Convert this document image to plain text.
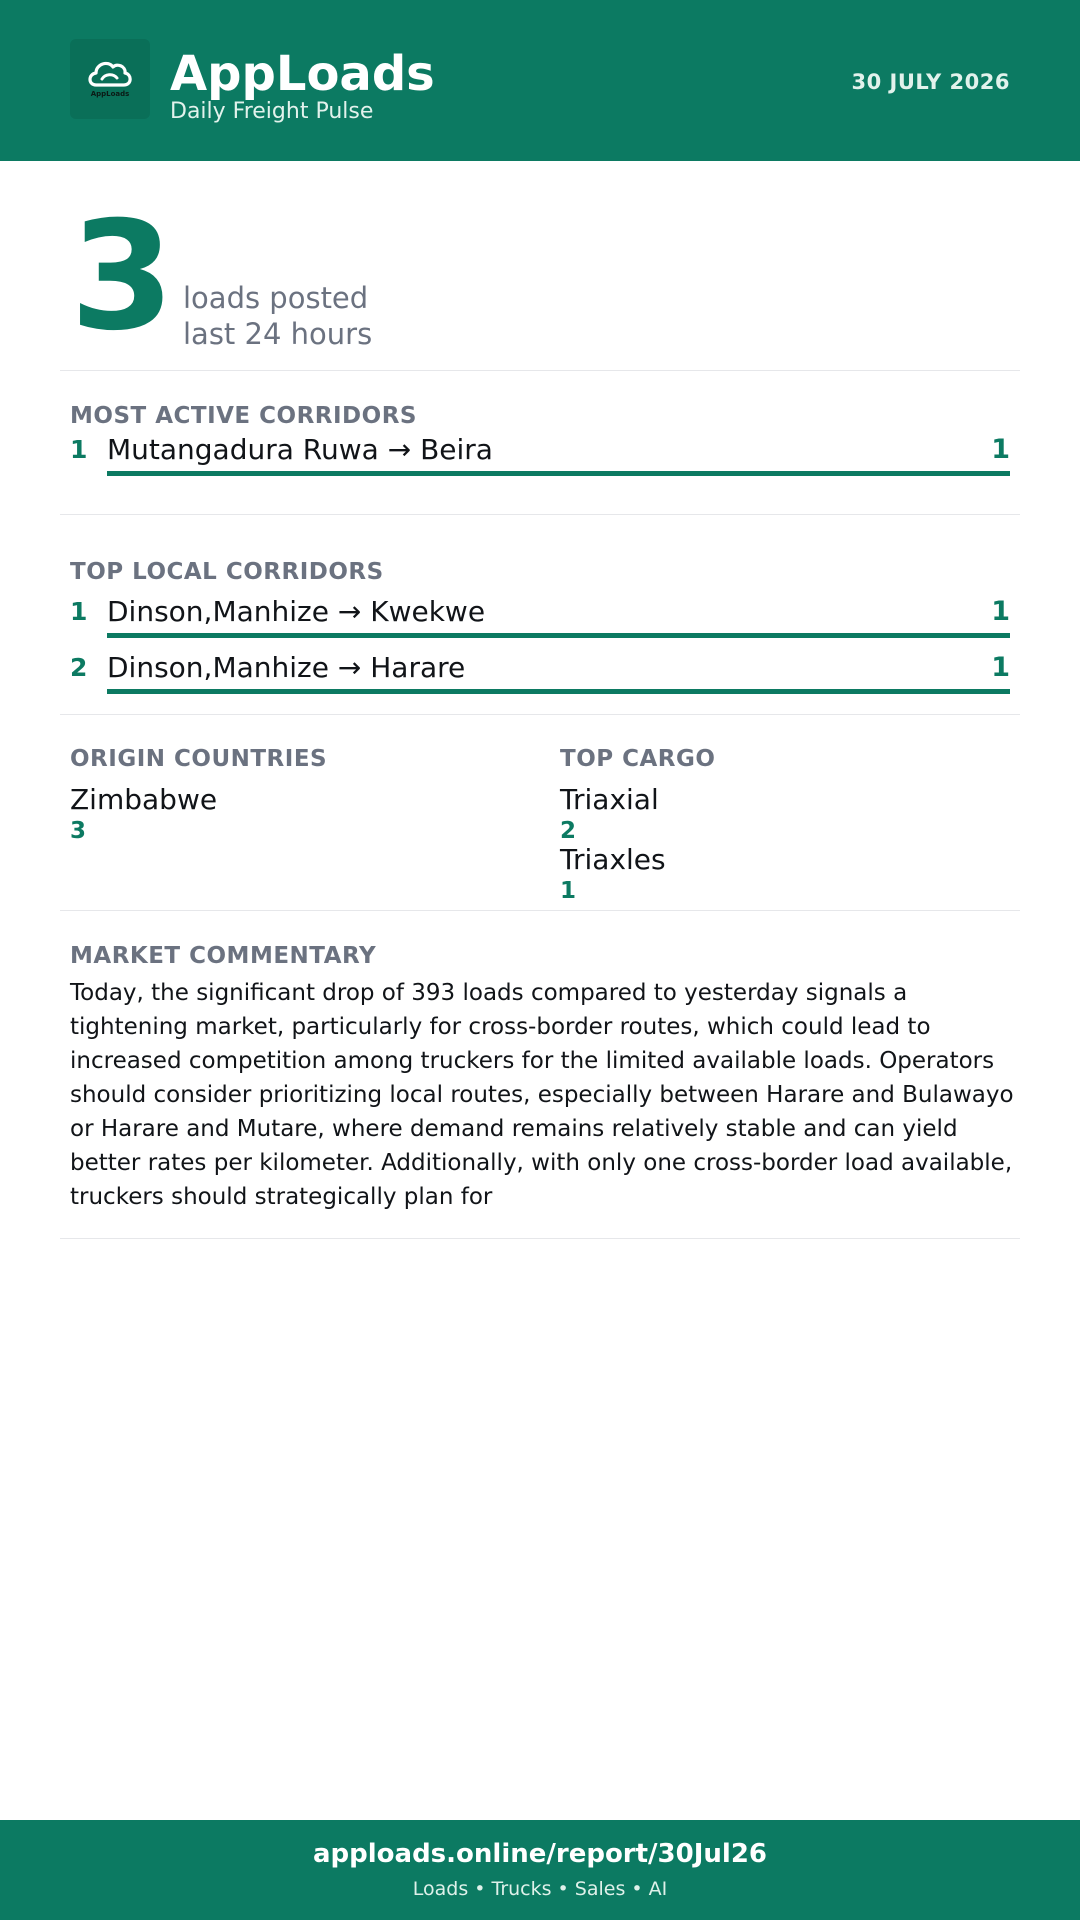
AppLoads AppLoads
Daily Freight Pulse
30 JULY 2026
3 loads posted
last 24 hours
MOST ACTIVE CORRIDORS
1 Mutangadura Ruwa → Beira	1
TOP LOCAL CORRIDORS
1 Dinson,Manhize → Kwekwe	1
2 Dinson,Manhize → Harare	1
ORIGIN COUNTRIES
Zimbabwe
3
TOP CARGO
Triaxial
2
Triaxles
1
MARKET COMMENTARY
Today, the significant drop of 393 loads compared to yesterday signals a tightening market, particularly for cross-border routes, which could lead to increased competition among truckers for the limited available loads. Operators should consider prioritizing local routes, especially between Harare and Bulawayo or Harare and Mutare, where demand remains relatively stable and can yield better rates per kilometer. Additionally, with only one cross-border load available, truckers should strategically plan for
apploads.online/report/30Jul26
Loads • Trucks • Sales • AI
